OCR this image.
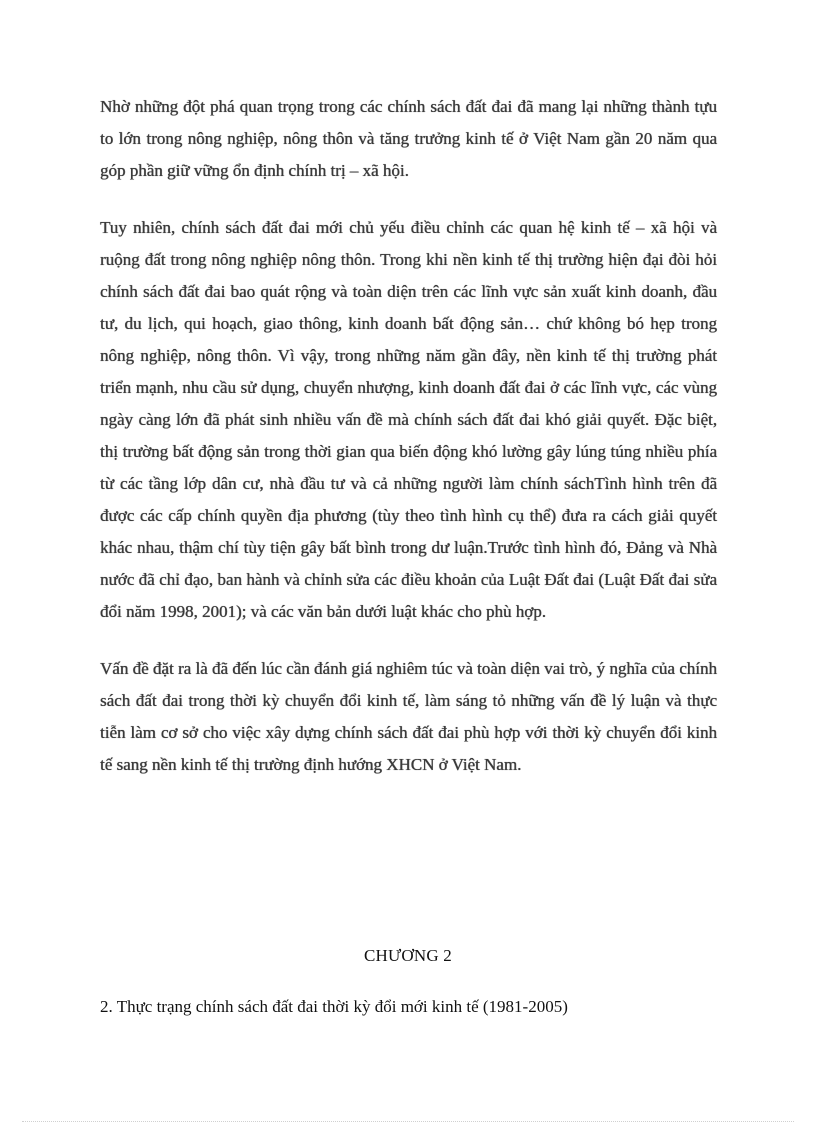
Nhờ những đột phá quan trọng trong các chính sách đất đai đã mang lại những thành tựu to lớn trong nông nghiệp, nông thôn và tăng trưởng kinh tế ở Việt Nam gần 20 năm qua góp phần giữ vững ổn định chính trị – xã hội.

Tuy nhiên, chính sách đất đai mới chủ yếu điều chỉnh các quan hệ kinh tế – xã hội và ruộng đất trong nông nghiệp nông thôn. Trong khi nền kinh tế thị trường hiện đại đòi hỏi chính sách đất đai bao quát rộng và toàn diện trên các lĩnh vực sản xuất kinh doanh, đầu tư, du lịch, qui hoạch, giao thông, kinh doanh bất động sản… chứ không bó hẹp trong nông nghiệp, nông thôn. Vì vậy, trong những năm gần đây, nền kinh tế thị trường phát triển mạnh, nhu cầu sử dụng, chuyển nhượng, kinh doanh đất đai ở các lĩnh vực, các vùng ngày càng lớn đã phát sinh nhiều vấn đề mà chính sách đất đai khó giải quyết. Đặc biệt, thị trường bất động sản trong thời gian qua biến động khó lường gây lúng túng nhiều phía từ các tầng lớp dân cư, nhà đầu tư và cả những người làm chính sáchTình hình trên đã được các cấp chính quyền địa phương (tùy theo tình hình cụ thể) đưa ra cách giải quyết khác nhau, thậm chí tùy tiện gây bất bình trong dư luận.Trước tình hình đó, Đảng và Nhà nước đã chỉ đạo, ban hành và chỉnh sửa các điều khoản của Luật Đất đai (Luật Đất đai sửa đổi năm 1998, 2001); và các văn bản dưới luật khác cho phù hợp.

Vấn đề đặt ra là đã đến lúc cần đánh giá nghiêm túc và toàn diện vai trò, ý nghĩa của chính sách đất đai trong thời kỳ chuyển đổi kinh tế, làm sáng tỏ những vấn đề lý luận và thực tiễn làm cơ sở cho việc xây dựng chính sách đất đai phù hợp với thời kỳ chuyển đổi kinh tế sang nền kinh tế thị trường định hướng XHCN ở Việt Nam.

CHƯƠNG 2
2. Thực trạng chính sách đất đai thời kỳ đổi mới kinh tế (1981-2005)
